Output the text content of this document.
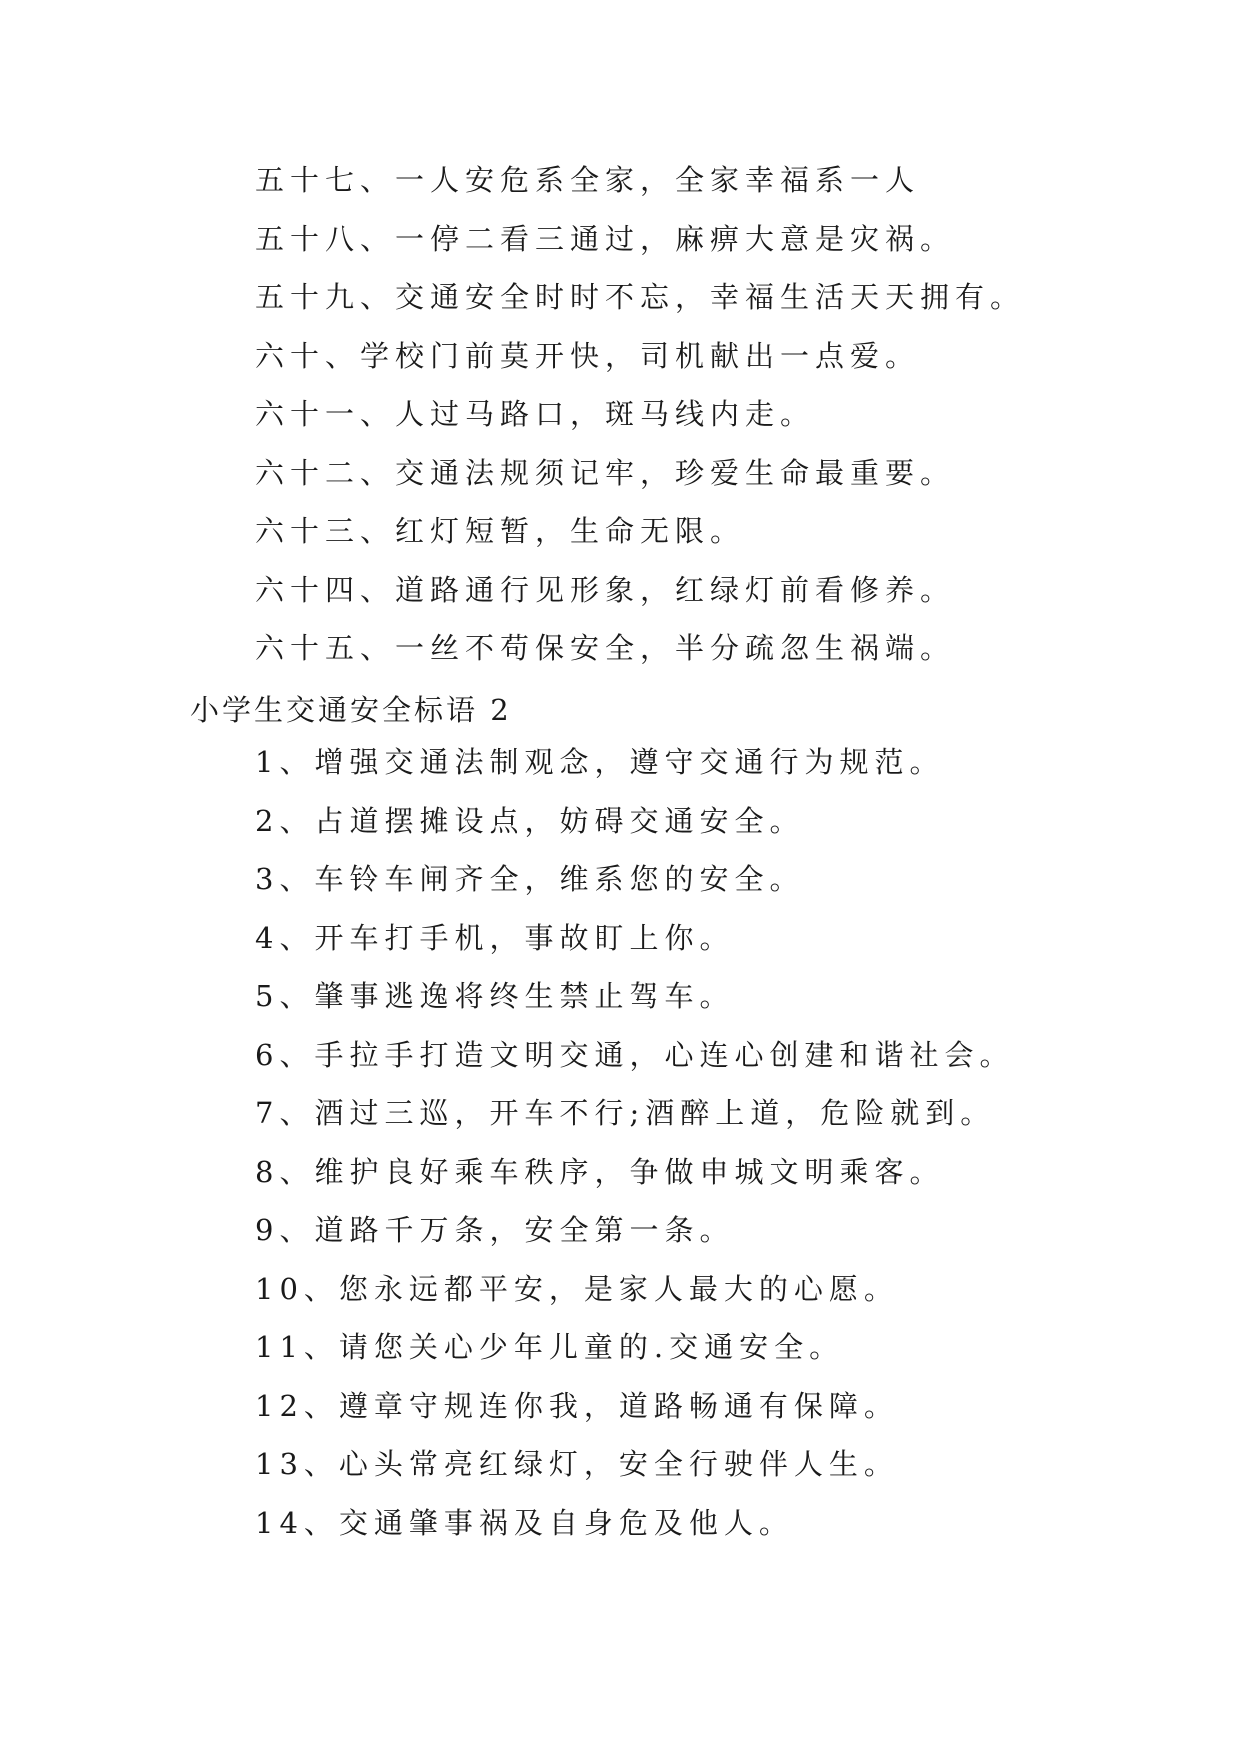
五十七、一人安危系全家，全家幸福系一人
五十八、一停二看三通过，麻痹大意是灾祸。
五十九、交通安全时时不忘，幸福生活天天拥有。
六十、学校门前莫开快，司机献出一点爱。
六十一、人过马路口，斑马线内走。
六十二、交通法规须记牢，珍爱生命最重要。
六十三、红灯短暂，生命无限。
六十四、道路通行见形象，红绿灯前看修养。
六十五、一丝不苟保安全，半分疏忽生祸端。
小学生交通安全标语 2
1、增强交通法制观念，遵守交通行为规范。
2、占道摆摊设点，妨碍交通安全。
3、车铃车闸齐全，维系您的安全。
4、开车打手机，事故盯上你。
5、肇事逃逸将终生禁止驾车。
6、手拉手打造文明交通，心连心创建和谐社会。
7、酒过三巡，开车不行;酒醉上道，危险就到。
8、维护良好乘车秩序，争做申城文明乘客。
9、道路千万条，安全第一条。
10、您永远都平安，是家人最大的心愿。
11、请您关心少年儿童的.交通安全。
12、遵章守规连你我，道路畅通有保障。
13、心头常亮红绿灯，安全行驶伴人生。
14、交通肇事祸及自身危及他人。
